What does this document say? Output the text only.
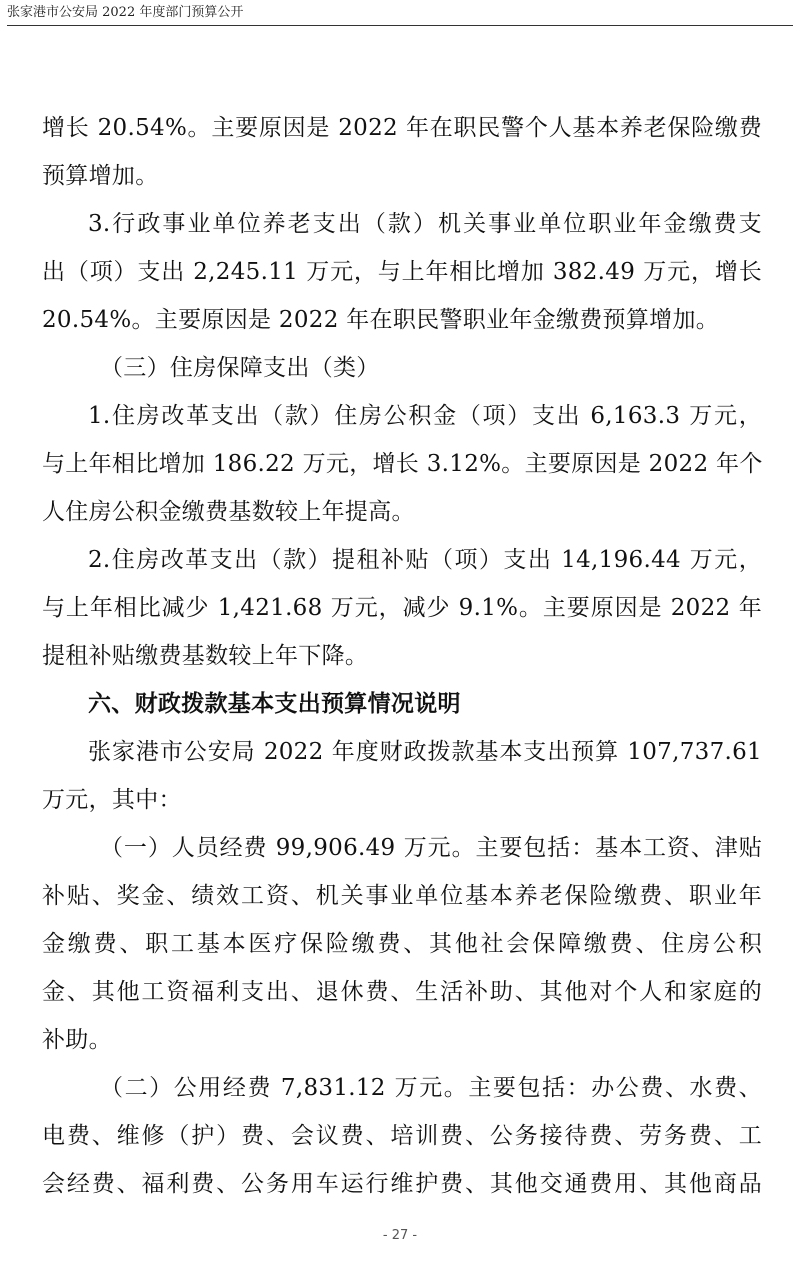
张家港市公安局 2022 年度部门预算公开
增长 20.54%。主要原因是 2022 年在职民警个人基本养老保险缴费
预算增加。
3.行政事业单位养老支出（款）机关事业单位职业年金缴费支
出（项）支出 2,245.11 万元，与上年相比增加 382.49 万元，增长
20.54%。主要原因是 2022 年在职民警职业年金缴费预算增加。
（三）住房保障支出（类）
1.住房改革支出（款）住房公积金（项）支出 6,163.3 万元，
与上年相比增加 186.22 万元，增长 3.12%。主要原因是 2022 年个
人住房公积金缴费基数较上年提高。
2.住房改革支出（款）提租补贴（项）支出 14,196.44 万元，
与上年相比减少 1,421.68 万元，减少 9.1%。主要原因是 2022 年
提租补贴缴费基数较上年下降。
六、财政拨款基本支出预算情况说明
张家港市公安局 2022 年度财政拨款基本支出预算 107,737.61
万元，其中：
（一）人员经费 99,906.49 万元。主要包括：基本工资、津贴
补贴、奖金、绩效工资、机关事业单位基本养老保险缴费、职业年
金缴费、职工基本医疗保险缴费、其他社会保障缴费、住房公积
金、其他工资福利支出、退休费、生活补助、其他对个人和家庭的
补助。
（二）公用经费 7,831.12 万元。主要包括：办公费、水费、
电费、维修（护）费、会议费、培训费、公务接待费、劳务费、工
会经费、福利费、公务用车运行维护费、其他交通费用、其他商品
- 27 -
